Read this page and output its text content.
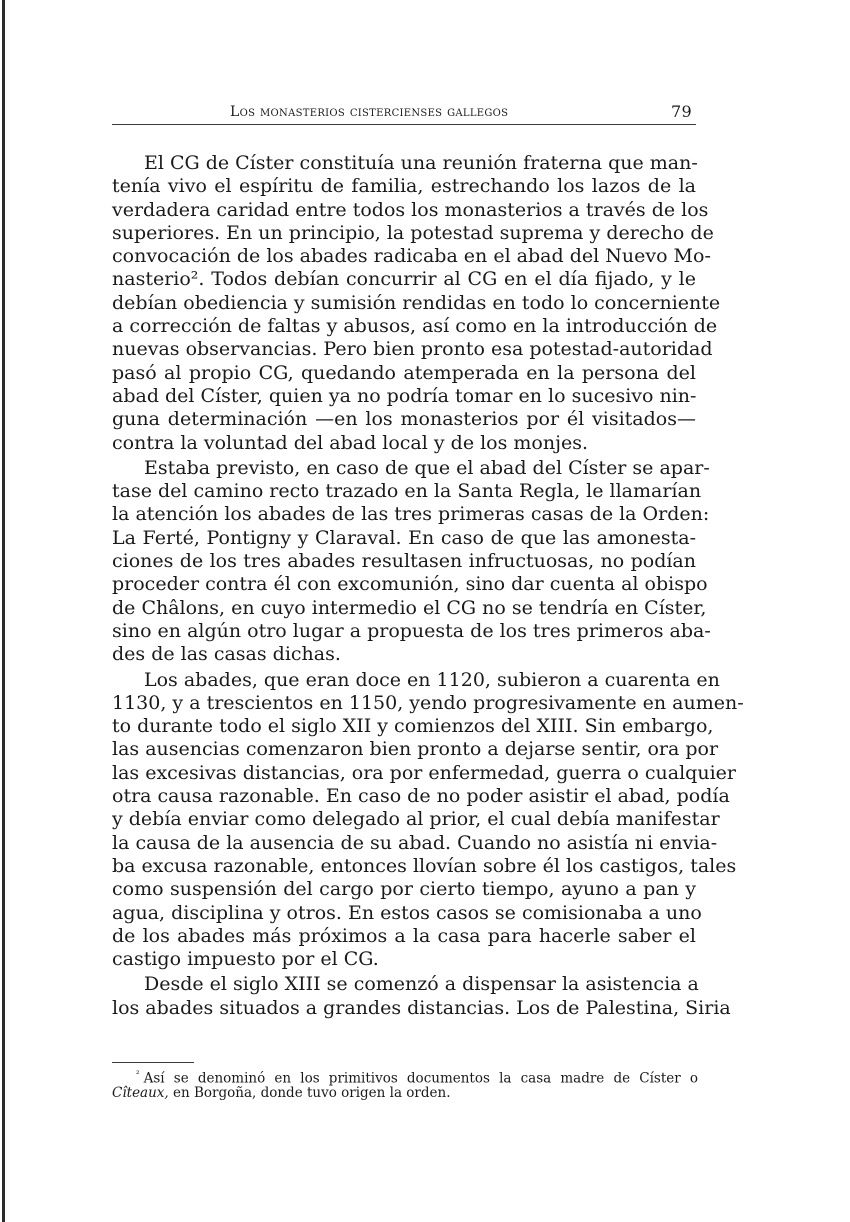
Los monasterios cistercienses gallegos	79
El CG de Císter constituía una reunión fraterna que man-
tenía vivo el espíritu de familia, estrechando los lazos de la
verdadera caridad entre todos los monasterios a través de los
superiores. En un principio, la potestad suprema y derecho de
convocación de los abades radicaba en el abad del Nuevo Mo-
nasterio². Todos debían concurrir al CG en el día fijado, y le
debían obediencia y sumisión rendidas en todo lo concerniente
a corrección de faltas y abusos, así como en la introducción de
nuevas observancias. Pero bien pronto esa potestad-autoridad
pasó al propio CG, quedando atemperada en la persona del
abad del Císter, quien ya no podría tomar en lo sucesivo nin-
guna determinación —en los monasterios por él visitados—
contra la voluntad del abad local y de los monjes.
Estaba previsto, en caso de que el abad del Císter se apar-
tase del camino recto trazado en la Santa Regla, le llamarían
la atención los abades de las tres primeras casas de la Orden:
La Ferté, Pontigny y Claraval. En caso de que las amonesta-
ciones de los tres abades resultasen infructuosas, no podían
proceder contra él con excomunión, sino dar cuenta al obispo
de Châlons, en cuyo intermedio el CG no se tendría en Císter,
sino en algún otro lugar a propuesta de los tres primeros aba-
des de las casas dichas.
Los abades, que eran doce en 1120, subieron a cuarenta en
1130, y a trescientos en 1150, yendo progresivamente en aumen-
to durante todo el siglo XII y comienzos del XIII. Sin embargo,
las ausencias comenzaron bien pronto a dejarse sentir, ora por
las excesivas distancias, ora por enfermedad, guerra o cualquier
otra causa razonable. En caso de no poder asistir el abad, podía
y debía enviar como delegado al prior, el cual debía manifestar
la causa de la ausencia de su abad. Cuando no asistía ni envia-
ba excusa razonable, entonces llovían sobre él los castigos, tales
como suspensión del cargo por cierto tiempo, ayuno a pan y
agua, disciplina y otros. En estos casos se comisionaba a uno
de los abades más próximos a la casa para hacerle saber el
castigo impuesto por el CG.
Desde el siglo XIII se comenzó a dispensar la asistencia a
los abades situados a grandes distancias. Los de Palestina, Siria
$^{^2}$ Así se denominó en los primitivos documentos la casa madre de Císter o
Cîteaux, en Borgoña, donde tuvo origen la orden.
